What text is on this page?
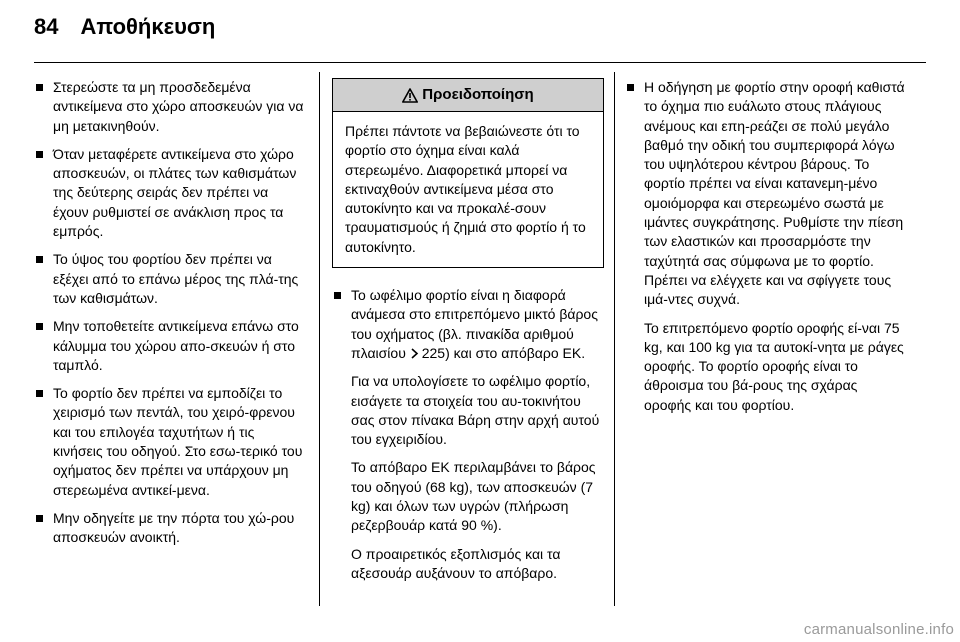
84 Αποθήκευση
Στερεώστε τα μη προσδεδεμένα αντικείμενα στο χώρο αποσκευών για να μη μετακινηθούν.
Όταν μεταφέρετε αντικείμενα στο χώρο αποσκευών, οι πλάτες των καθισμάτων της δεύτερης σειράς δεν πρέπει να έχουν ρυθμιστεί σε ανάκλιση προς τα εμπρός.
Το ύψος του φορτίου δεν πρέπει να εξέχει από το επάνω μέρος της πλά-της των καθισμάτων.
Μην τοποθετείτε αντικείμενα επάνω στο κάλυμμα του χώρου απο-σκευών ή στο ταμπλό.
Το φορτίο δεν πρέπει να εμποδίζει το χειρισμό των πεντάλ, του χειρό-φρενου και του επιλογέα ταχυτήτων ή τις κινήσεις του οδηγού. Στο εσω-τερικό του οχήματος δεν πρέπει να υπάρχουν μη στερεωμένα αντικεί-μενα.
Μην οδηγείτε με την πόρτα του χώ-ρου αποσκευών ανοικτή.
Προειδοποίηση

Πρέπει πάντοτε να βεβαιώνεστε ότι το φορτίο στο όχημα είναι καλά στερεωμένο. Διαφορετικά μπορεί να εκτιναχθούν αντικείμενα μέσα στο αυτοκίνητο και να προκαλέ-σουν τραυματισμούς ή ζημιά στο φορτίο ή το αυτοκίνητο.

Το ωφέλιμο φορτίο είναι η διαφορά ανάμεσα στο επιτρεπόμενο μικτό βάρος του οχήματος (βλ. πινακίδα αριθμού πλαισίου 225) και στο απόβαρο ΕΚ.

Για να υπολογίσετε το ωφέλιμο φορτίο, εισάγετε τα στοιχεία του αυ-τοκινήτου σας στον πίνακα Βάρη στην αρχή αυτού του εγχειριδίου.

Το απόβαρο ΕΚ περιλαμβάνει το βάρος του οδηγού (68 kg), των αποσκευών (7 kg) και όλων των υγρών (πλήρωση ρεζερβουάρ κατά 90 %).

Ο προαιρετικός εξοπλισμός και τα αξεσουάρ αυξάνουν το απόβαρο.

Η οδήγηση με φορτίο στην οροφή καθιστά το όχημα πιο ευάλωτο στους πλάγιους ανέμους και επη-ρεάζει σε πολύ μεγάλο βαθμό την οδική του συμπεριφορά λόγω του υψηλότερου κέντρου βάρους. Το φορτίο πρέπει να είναι κατανεμη-μένο ομοιόμορφα και στερεωμένο σωστά με ιμάντες συγκράτησης. Ρυθμίστε την πίεση των ελαστικών και προσαρμόστε την ταχύτητά σας σύμφωνα με το φορτίο. Πρέπει να ελέγχετε και να σφίγγετε τους ιμά-ντες συχνά.

Το επιτρεπόμενο φορτίο οροφής εί-ναι 75 kg, και 100 kg για τα αυτοκί-νητα με ράγες οροφής. Το φορτίο οροφής είναι το άθροισμα του βά-ρους της σχάρας οροφής και του φορτίου.

carmanualsonline.info
